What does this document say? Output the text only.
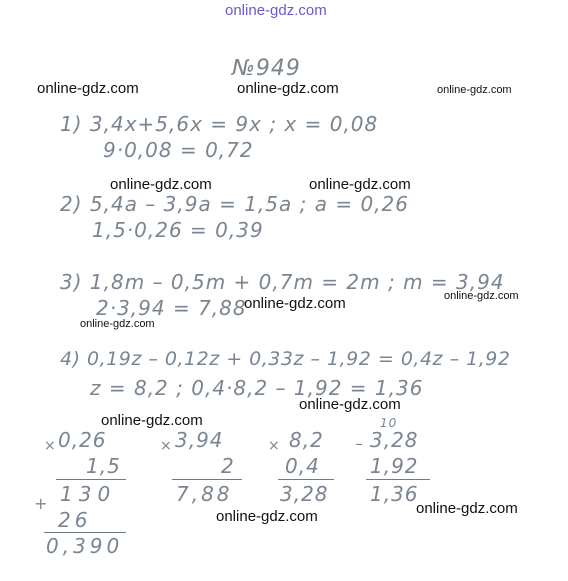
online-gdz.com
online-gdz.com	online-gdz.com	online-gdz.com
online-gdz.com	online-gdz.com
online-gdz.com	online-gdz.com
online-gdz.com
online-gdz.com
online-gdz.com
online-gdz.com	online-gdz.com
№949
1) 3,4x+5,6x = 9x ; x = 0,08
9·0,08 = 0,72
2) 5,4a – 3,9a = 1,5a ; a = 0,26
1,5·0,26 = 0,39
3) 1,8m – 0,5m + 0,7m = 2m ; m = 3,94
2·3,94 = 7,88
4) 0,19z – 0,12z + 0,33z – 1,92 = 0,4z – 1,92
z = 8,2 ; 0,4·8,2 – 1,92 = 1,36
× 0,26
1,5
130
+
26
0,390
× 3,94
2
7,88
× 8,2
0,4
3,28
10
– 3,28
1,92
1,36
